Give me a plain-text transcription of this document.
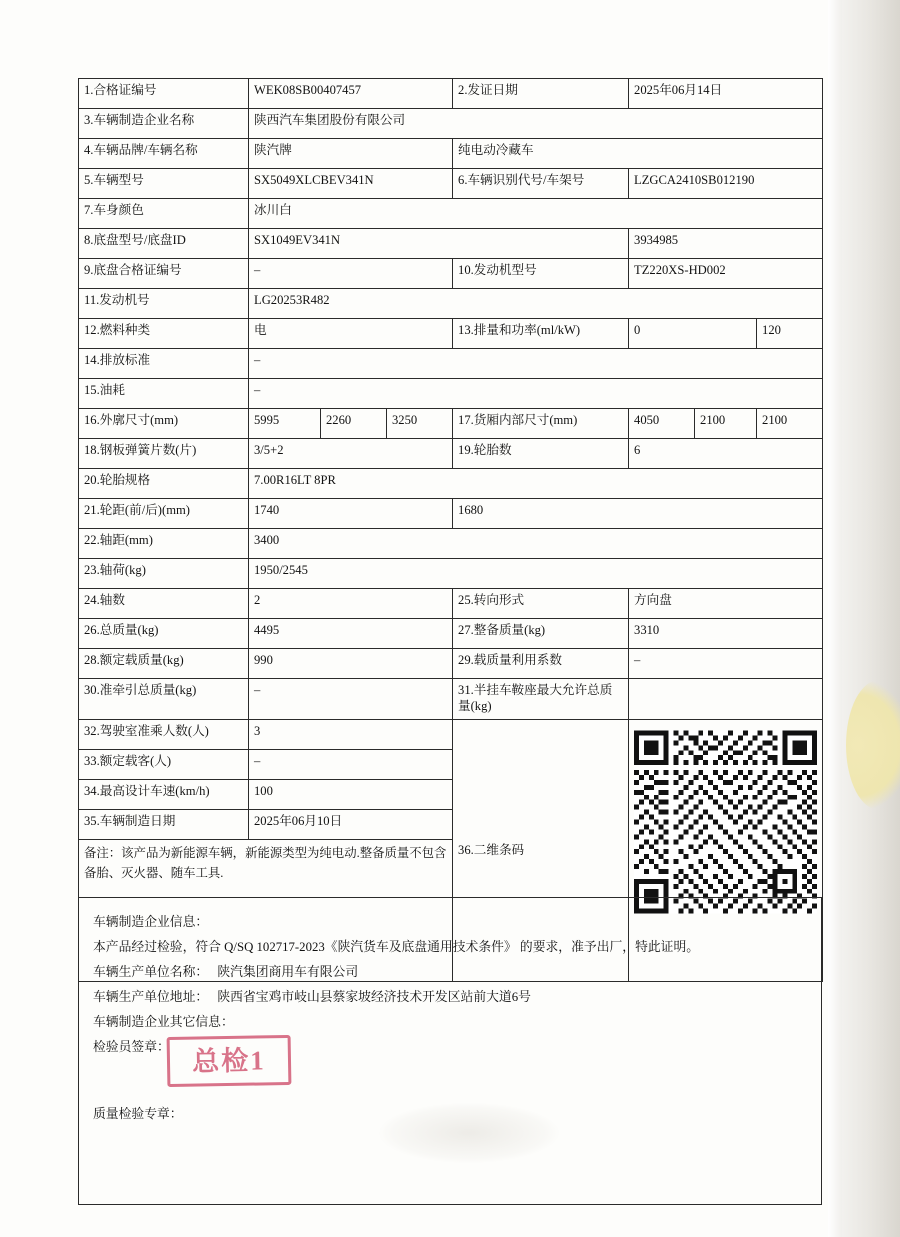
1.合格证编号	WEK08SB00407457			2.发证日期	2025年06月14日		
3.车辆制造企业名称	陕西汽车集团股份有限公司						
4.车辆品牌/车辆名称	陕汽牌			纯电动冷藏车			
5.车辆型号	SX5049XLCBEV341N			6.车辆识别代号/车架号	LZGCA2410SB012190		
7.车身颜色	冰川白						
8.底盘型号/底盘ID	SX1049EV341N				3934985		
9.底盘合格证编号	–			10.发动机型号	TZ220XS-HD002		
11.发动机号	LG20253R482						
12.燃料种类	电			13.排量和功率(ml/kW)	0		120
14.排放标准	–						
15.油耗	–						
16.外廓尺寸(mm)	5995	2260	3250	17.货厢内部尺寸(mm)	4050	2100	2100
18.钢板弹簧片数(片)	3/5+2			19.轮胎数	6		
20.轮胎规格	7.00R16LT 8PR						
21.轮距(前/后)(mm)	1740			1680			
22.轴距(mm)	3400						
23.轴荷(kg)	1950/2545						
24.轴数	2			25.转向形式	方向盘		
26.总质量(kg)	4495			27.整备质量(kg)	3310		
28.额定载质量(kg)	990			29.载质量利用系数	–		
30.准牵引总质量(kg)	–			31.半挂车鞍座最大允许总质量(kg)			
32.驾驶室准乘人数(人)	3			36.二维条码	

33.额定载客(人)	–						
34.最高设计车速(km/h)	100						
35.车辆制造日期	2025年06月10日						
备注：该产品为新能源车辆，新能源类型为纯电动.整备质量不包含备胎、灭火器、随车工具.							
车辆制造企业信息：
本产品经过检验，符合 Q/SQ 102717-2023《陕汽货车及底盘通用技术条件》 的要求，准予出厂，特此证明。
车辆生产单位名称： 陕汽集团商用车有限公司
车辆生产单位地址： 陕西省宝鸡市岐山县蔡家坡经济技术开发区站前大道6号
车辆制造企业其它信息：
检验员签章： 总检1
质量检验专章：
